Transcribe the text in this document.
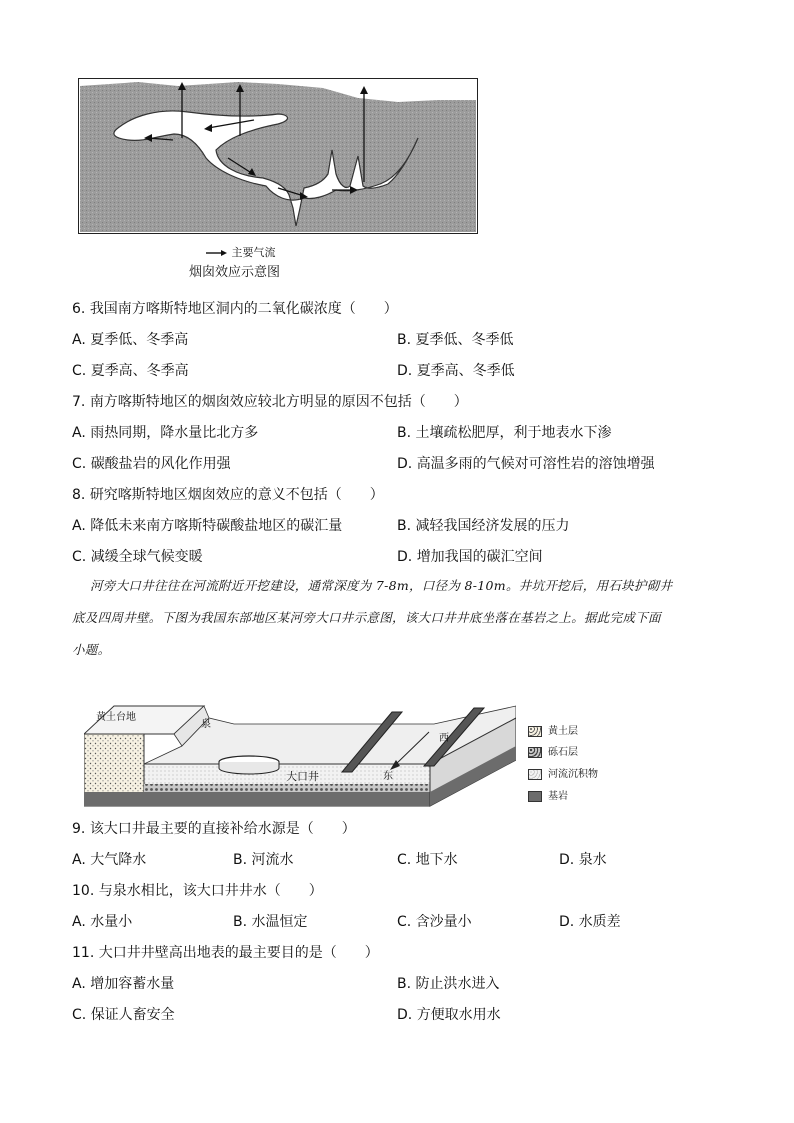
主要气流
烟囱效应示意图
6. 我国南方喀斯特地区洞内的二氧化碳浓度（　　）
A. 夏季低、冬季高	B. 夏季低、冬季低
C. 夏季高、冬季高	D. 夏季高、冬季低
7. 南方喀斯特地区的烟囱效应较北方明显的原因不包括（　　）
A. 雨热同期，降水量比北方多	B. 土壤疏松肥厚，利于地表水下渗
C. 碳酸盐岩的风化作用强	D. 高温多雨的气候对可溶性岩的溶蚀增强
8. 研究喀斯特地区烟囱效应的意义不包括（　　）
A. 降低未来南方喀斯特碳酸盐地区的碳汇量	B. 减轻我国经济发展的压力
C. 减缓全球气候变暖	D. 增加我国的碳汇空间
河旁大口井往往在河流附近开挖建设，通常深度为 7-8m，口径为 8-10m。井坑开挖后，用石块护砌井
底及四周井壁。下图为我国东部地区某河旁大口井示意图，该大口井井底坐落在基岩之上。据此完成下面
小题。
黄土台地
泉
大口井
西
东
黄土层
砾石层
河流沉积物
基岩
9. 该大口井最主要的直接补给水源是（　　）
A. 大气降水	B. 河流水	C. 地下水	D. 泉水
10. 与泉水相比，该大口井井水（　　）
A. 水量小	B. 水温恒定	C. 含沙量小	D. 水质差
11. 大口井井壁高出地表的最主要目的是（　　）
A. 增加容蓄水量	B. 防止洪水进入
C. 保证人畜安全	D. 方便取水用水
